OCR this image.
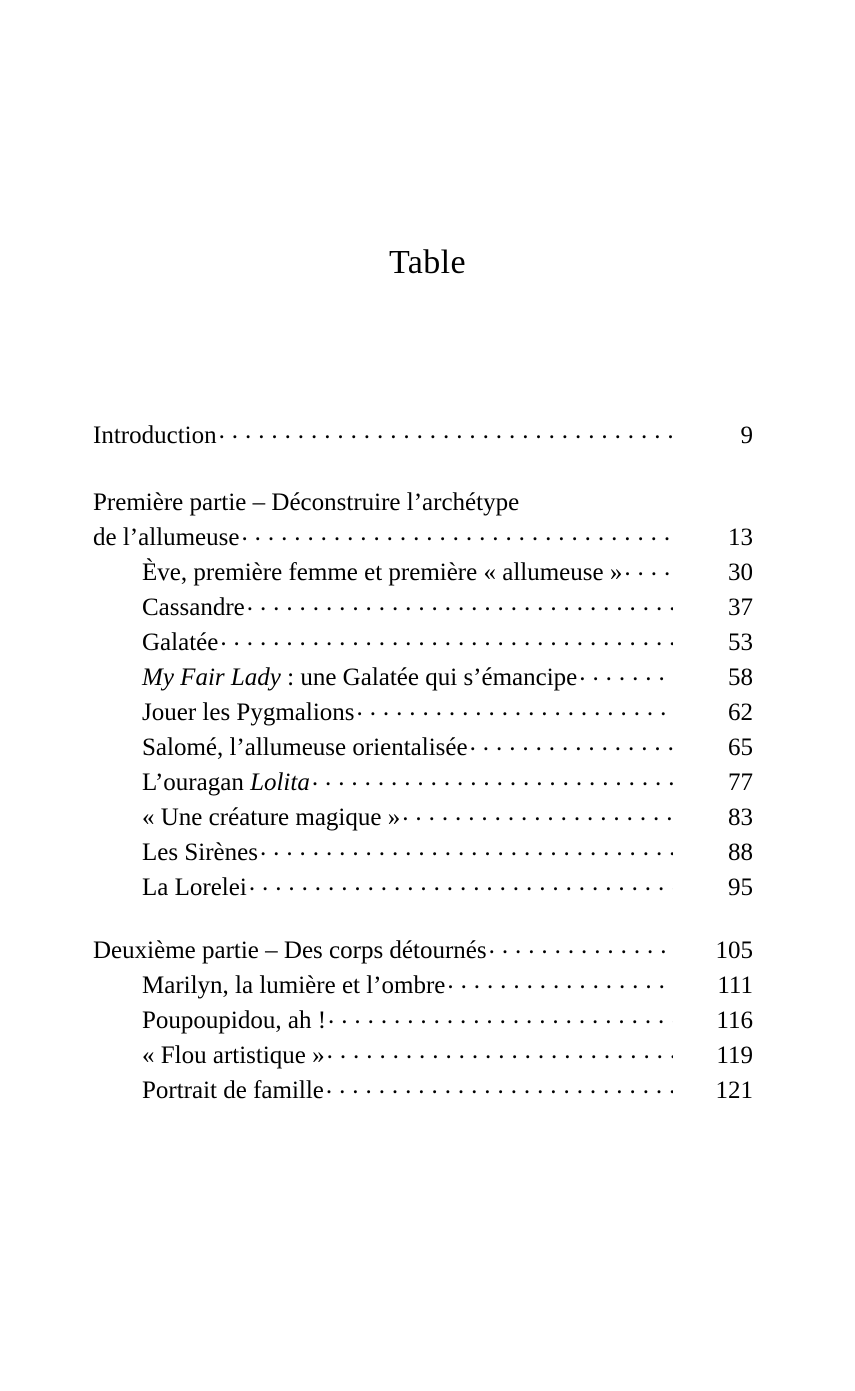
Table
Introduction . . .	9
Première partie – Déconstruire l’archétype
de l’allumeuse . . .	13
Ève, première femme et première « allumeuse » . . .	30
Cassandre . . .	37
Galatée . . .	53
My Fair Lady : une Galatée qui s’émancipe . . .	58
Jouer les Pygmalions . . .	62
Salomé, l’allumeuse orientalisée . . .	65
L’ouragan Lolita . . .	77
« Une créature magique » . . .	83
Les Sirènes . . .	88
La Lorelei . . .	95
Deuxième partie – Des corps détournés . . .	105
Marilyn, la lumière et l’ombre . . .	111
Poupoupidou, ah ! . . .	116
« Flou artistique » . . .	119
Portrait de famille . . .	121
